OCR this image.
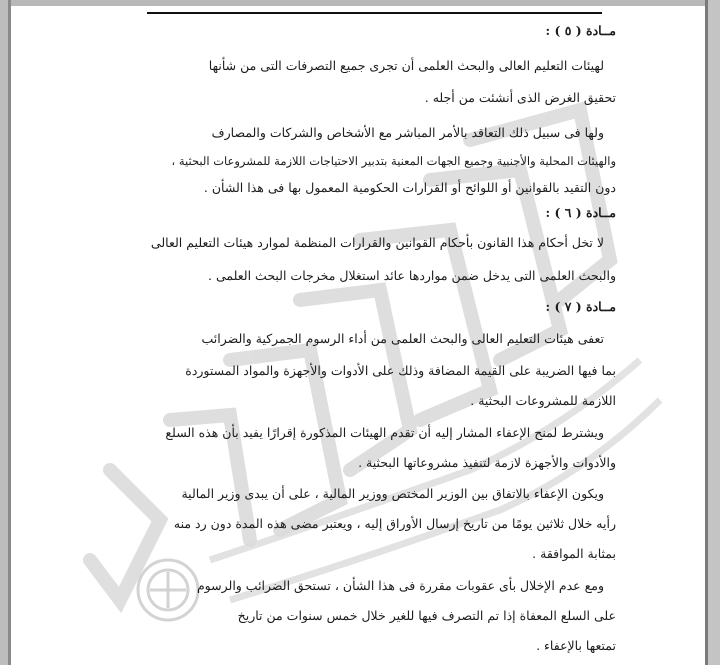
مــادة ( ٥ ) :
لهيئات التعليم العالى والبحث العلمى أن تجرى جميع التصرفات التى من شأنها
تحقيق الغرض الذى أنشئت من أجله .
ولها فى سبيل ذلك التعاقد بالأمر المباشر مع الأشخاص والشركات والمصارف
والهيئات المحلية والأجنبية وجميع الجهات المعنية بتدبير الاحتياجات اللازمة للمشروعات البحثية ،
دون التقيد بالقوانين أو اللوائح أو القرارات الحكومية المعمول بها فى هذا الشأن .
مــادة ( ٦ ) :
لا تخل أحكام هذا القانون بأحكام القوانين والقرارات المنظمة لموارد هيئات التعليم العالى
والبحث العلمى التى يدخل ضمن مواردها عائد استغلال مخرجات البحث العلمى .
مــادة ( ٧ ) :
تعفى هيئات التعليم العالى والبحث العلمى من أداء الرسوم الجمركية والضرائب
بما فيها الضريبة على القيمة المضافة وذلك على الأدوات والأجهزة والمواد المستوردة
اللازمة للمشروعات البحثية .
ويشترط لمنح الإعفاء المشار إليه أن تقدم الهيئات المذكورة إقرارًا يفيد بأن هذه السلع
والأدوات والأجهزة لازمة لتنفيذ مشروعاتها البحثية .
ويكون الإعفاء بالاتفاق بين الوزير المختص ووزير المالية ، على أن يبدى وزير المالية
رأيه خلال ثلاثين يومًا من تاريخ إرسال الأوراق إليه ، ويعتبر مضى هذه المدة دون رد منه
بمثابة الموافقة .
ومع عدم الإخلال بأى عقوبات مقررة فى هذا الشأن ، تستحق الضرائب والرسوم
على السلع المعفاة إذا تم التصرف فيها للغير خلال خمس سنوات من تاريخ
تمتعها بالإعفاء .
